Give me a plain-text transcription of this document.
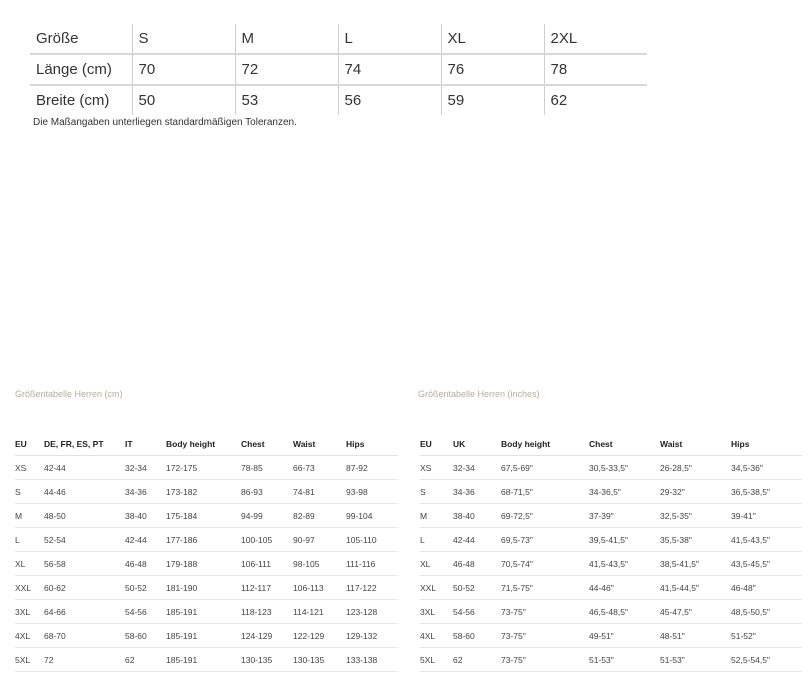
Größe	S	M	L	XL	2XL
Länge (cm)	70	72	74	76	78
Breite (cm)	50	53	56	59	62
Die Maßangaben unterliegen standardmäßigen Toleranzen.
Größentabelle Herren (cm)
EU	DE, FR, ES, PT	IT	Body height	Chest	Waist	Hips
XS	42-44	32-34	172-175	78-85	66-73	87-92
S	44-46	34-36	173-182	86-93	74-81	93-98
M	48-50	38-40	175-184	94-99	82-89	99-104
L	52-54	42-44	177-186	100-105	90-97	105-110
XL	56-58	46-48	179-188	106-111	98-105	111-116
XXL	60-62	50-52	181-190	112-117	106-113	117-122
3XL	64-66	54-56	185-191	118-123	114-121	123-128
4XL	68-70	58-60	185-191	124-129	122-129	129-132
5XL	72	62	185-191	130-135	130-135	133-138
Größentabelle Herren (inches)
EU	UK	Body height	Chest	Waist	Hips
XS	32-34	67,5-69"	30,5-33,5"	26-28,5"	34,5-36"
S	34-36	68-71,5"	34-36,5"	29-32"	36,5-38,5"
M	38-40	69-72,5"	37-39"	32,5-35"	39-41"
L	42-44	69,5-73"	39,5-41,5"	35,5-38"	41,5-43,5"
XL	46-48	70,5-74"	41,5-43,5"	38,5-41,5"	43,5-45,5"
XXL	50-52	71,5-75"	44-46"	41,5-44,5"	46-48"
3XL	54-56	73-75"	46,5-48,5"	45-47,5"	48,5-50,5"
4XL	58-60	73-75"	49-51"	48-51"	51-52"
5XL	62	73-75"	51-53"	51-53"	52,5-54,5"
